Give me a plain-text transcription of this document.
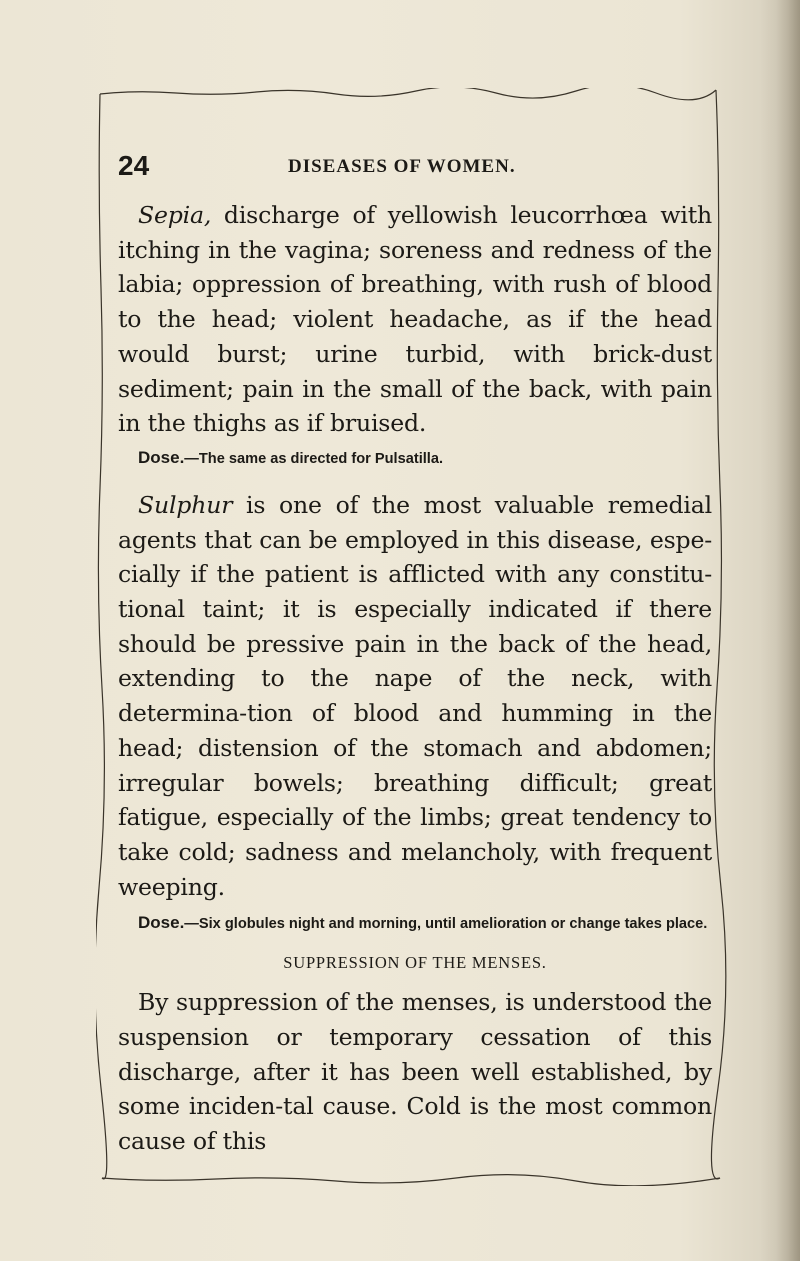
24	DISEASES OF WOMEN.

Sepia, discharge of yellowish leucorrhœa with itching in the vagina; soreness and redness of the labia; oppression of breathing, with rush of blood to the head; violent headache, as if the head would burst; urine turbid, with brick-dust sediment; pain in the small of the back, with pain in the thighs as if bruised.

Dose.—The same as directed for Pulsatilla.

Sulphur is one of the most valuable remedial agents that can be employed in this disease, espe-cially if the patient is afflicted with any constitu-tional taint; it is especially indicated if there should be pressive pain in the back of the head, extending to the nape of the neck, with determina-tion of blood and humming in the head; distension of the stomach and abdomen; irregular bowels; breathing difficult; great fatigue, especially of the limbs; great tendency to take cold; sadness and melancholy, with frequent weeping.

Dose.—Six globules night and morning, until amelioration or change takes place.

SUPPRESSION OF THE MENSES.

By suppression of the menses, is understood the suspension or temporary cessation of this discharge, after it has been well established, by some inciden-tal cause. Cold is the most common cause of this
